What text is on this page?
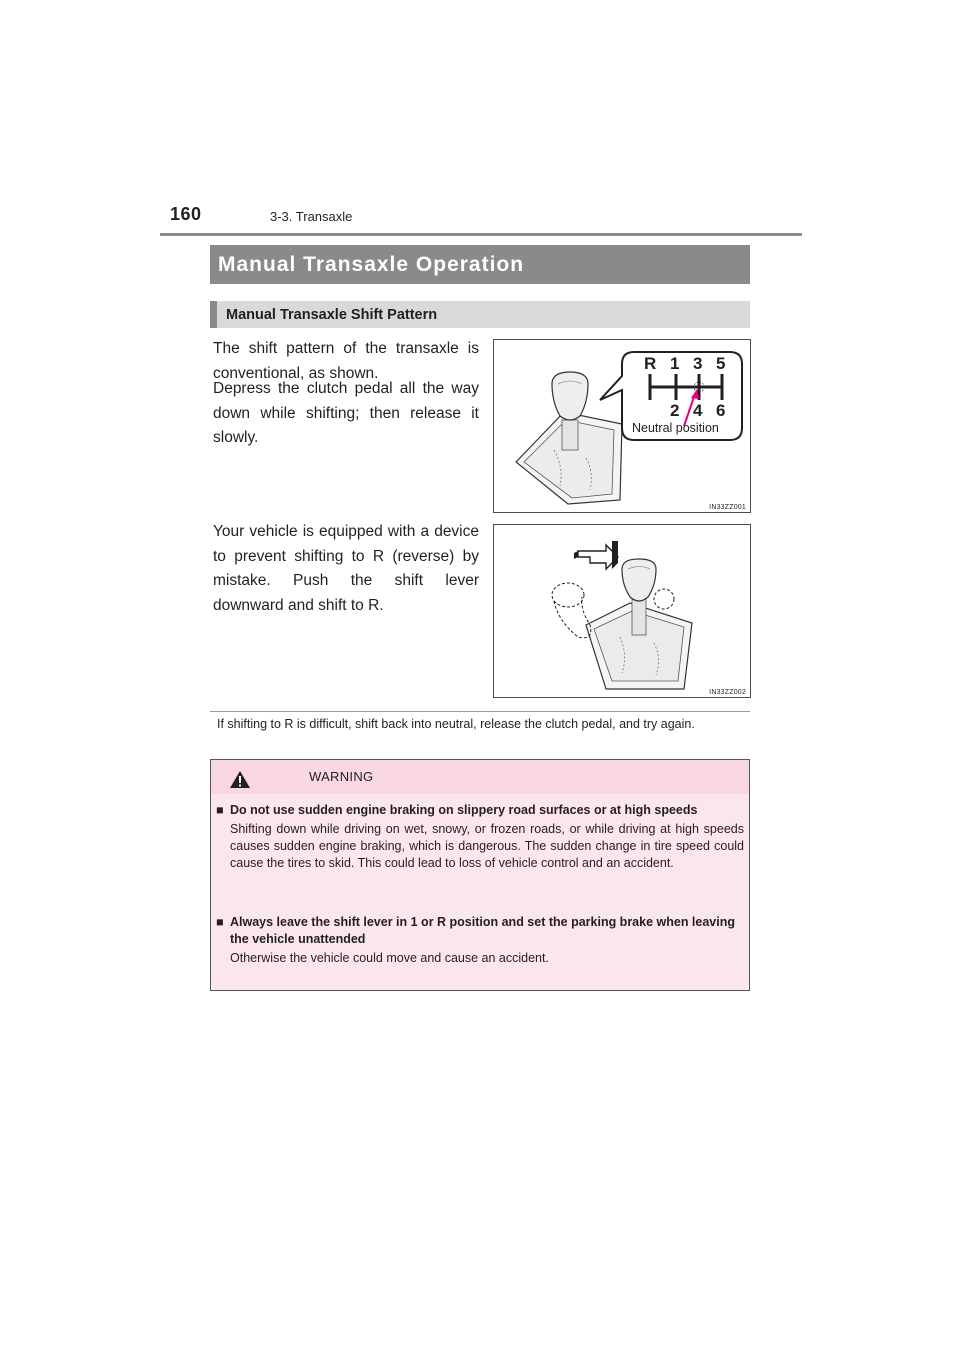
160	3-3. Transaxle
Manual Transaxle Operation
Manual Transaxle Shift Pattern
The shift pattern of the transaxle is conventional, as shown.
Depress the clutch pedal all the way down while shifting; then release it slowly.
Your vehicle is equipped with a device to prevent shifting to R (reverse) by mistake. Push the shift lever downward and shift to R.
R 1 3 5
2 4 6
Neutral position
IN33ZZ001
IN33ZZ002
If shifting to R is difficult, shift back into neutral, release the clutch pedal, and try again.
WARNING
■ Do not use sudden engine braking on slippery road surfaces or at high speeds
Shifting down while driving on wet, snowy, or frozen roads, or while driving at high speeds causes sudden engine braking, which is dangerous. The sudden change in tire speed could cause the tires to skid. This could lead to loss of vehicle control and an accident.
■ Always leave the shift lever in 1 or R position and set the parking brake when leaving the vehicle unattended
Otherwise the vehicle could move and cause an accident.
